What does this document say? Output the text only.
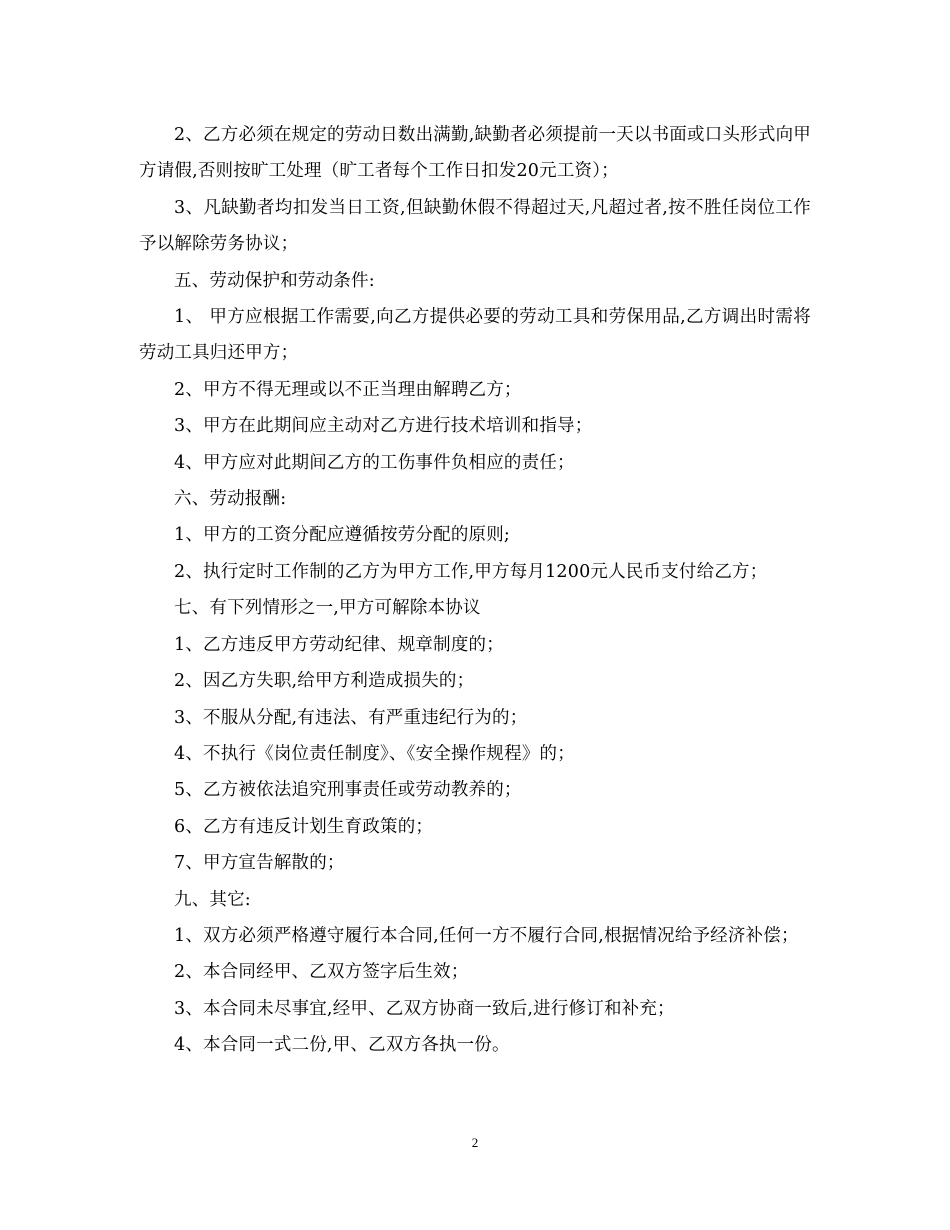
2、乙方必须在规定的劳动日数出满勤,缺勤者必须提前一天以书面或口头形式向甲方请假,否则按旷工处理（旷工者每个工作日扣发20元工资）；

3、凡缺勤者均扣发当日工资,但缺勤休假不得超过天,凡超过者,按不胜任岗位工作予以解除劳务协议；

五、劳动保护和劳动条件:

1、 甲方应根据工作需要,向乙方提供必要的劳动工具和劳保用品,乙方调出时需将劳动工具归还甲方；

2、甲方不得无理或以不正当理由解聘乙方；

3、甲方在此期间应主动对乙方进行技术培训和指导；

4、甲方应对此期间乙方的工伤事件负相应的责任；

六、劳动报酬:

1、甲方的工资分配应遵循按劳分配的原则;

2、执行定时工作制的乙方为甲方工作,甲方每月1200元人民币支付给乙方；

七、有下列情形之一,甲方可解除本协议

1、乙方违反甲方劳动纪律、规章制度的；

2、因乙方失职,给甲方利造成损失的；

3、不服从分配,有违法、有严重违纪行为的；

4、不执行《岗位责任制度》、《安全操作规程》的；

5、乙方被依法追究刑事责任或劳动教养的；

6、乙方有违反计划生育政策的；

7、甲方宣告解散的；

九、其它:

1、双方必须严格遵守履行本合同,任何一方不履行合同,根据情况给予经济补偿；

2、本合同经甲、乙双方签字后生效；

3、本合同未尽事宜,经甲、乙双方协商一致后,进行修订和补充；

4、本合同一式二份,甲、乙双方各执一份。

2
